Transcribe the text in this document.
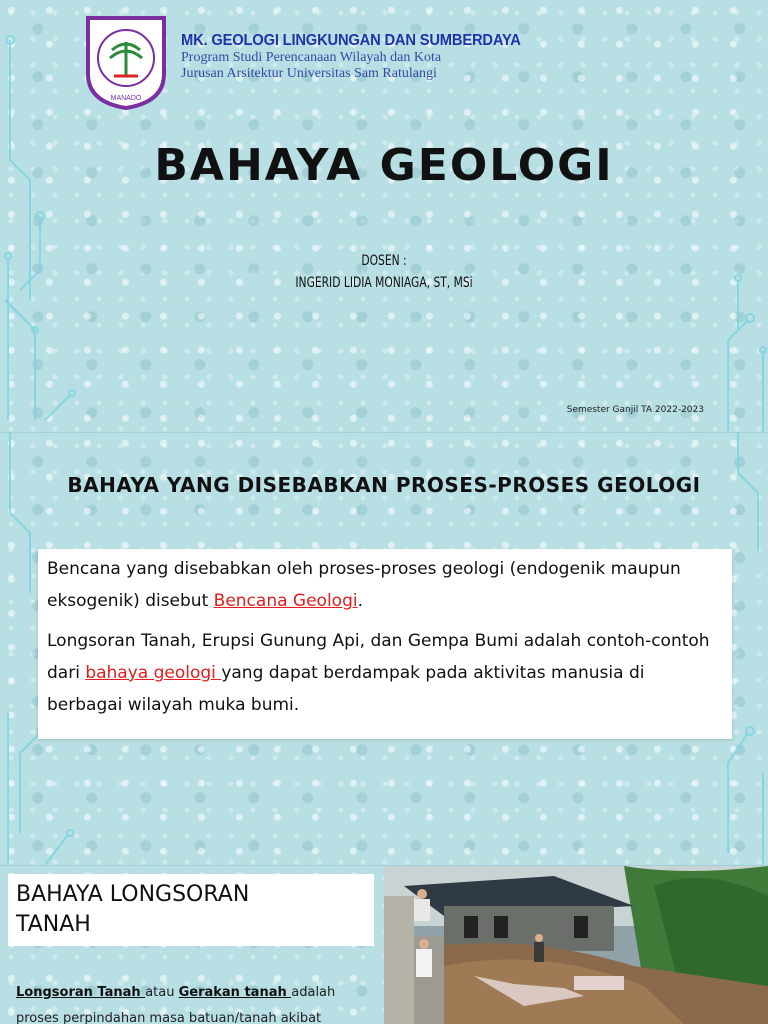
MANADO
MK. GEOLOGI LINGKUNGAN DAN SUMBERDAYA
Program Studi Perencanaan Wilayah dan Kota
Jurusan Arsitektur Universitas Sam Ratulangi
BAHAYA GEOLOGI
DOSEN :
INGERID LIDIA MONIAGA, ST, MSi
Semester Ganjil TA 2022-2023
BAHAYA YANG DISEBABKAN PROSES-PROSES GEOLOGI

Bencana yang disebabkan oleh proses-proses geologi (endogenik maupun eksogenik) disebut Bencana Geologi.

Longsoran Tanah, Erupsi Gunung Api, dan Gempa Bumi adalah contoh-contoh dari bahaya geologi yang dapat berdampak pada aktivitas manusia di berbagai wilayah muka bumi.

BAHAYA LONGSORAN
TANAH
Longsoran Tanah atau Gerakan tanah adalah proses perpindahan masa batuan/tanah akibat
